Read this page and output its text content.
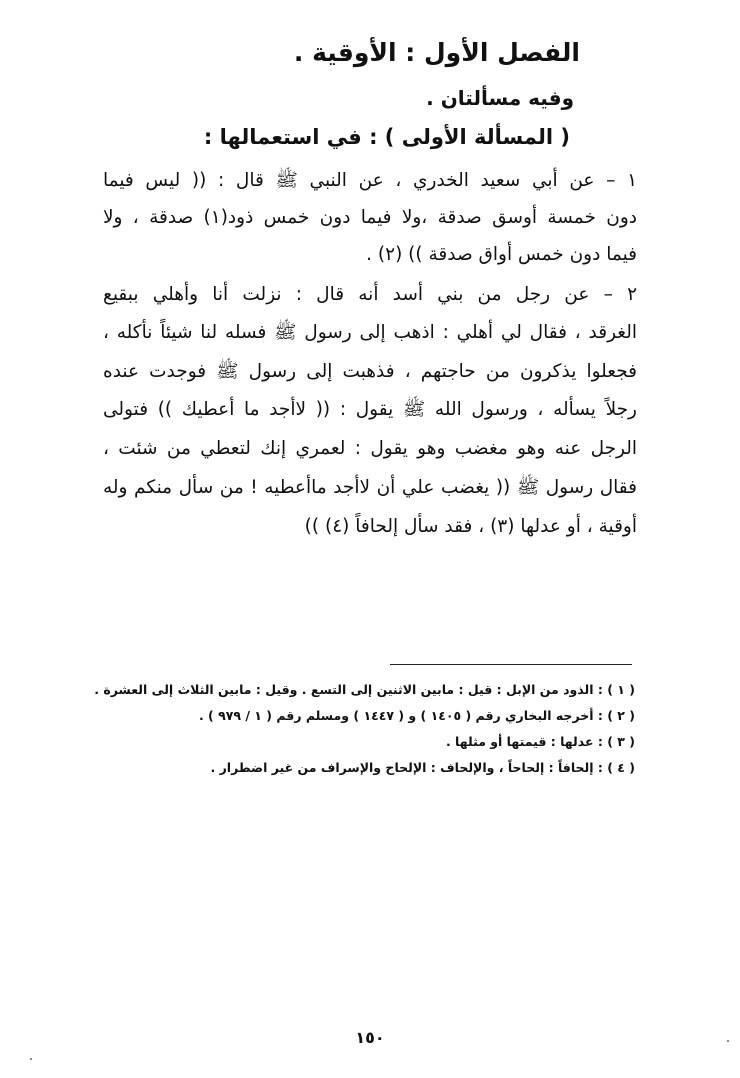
الفصل الأول : الأوقية .

وفيه مسألتان .

( المسألة الأولى ) : في استعمالها :

١ – عن أبي سعيد الخدري ، عن النبي ﷺ قال : (( ليس فيما

دون خمسة أوسق صدقة ،ولا فيما دون خمس ذود(١) صدقة ، ولا

فيما دون خمس أواق صدقة )) (٢) .

٢ – عن رجل من بني أسد أنه قال : نزلت أنا وأهلي ببقيع

الغرقد ، فقال لي أهلي : اذهب إلى رسول ﷺ فسله لنا شيئاً نأكله ،

فجعلوا يذكرون من حاجتهم ، فذهبت إلى رسول ﷺ فوجدت عنده

رجلاً يسأله ، ورسول الله ﷺ يقول : (( لاأجد ما أعطيك )) فتولى

الرجل عنه وهو مغضب وهو يقول : لعمري إنك لتعطي من شئت ،

فقال رسول ﷺ (( يغضب علي أن لاأجد ماأعطيه ! من سأل منكم وله

أوقية ، أو عدلها (٣) ، فقد سأل إلحافاً (٤) ))

( ١ ) : الذود من الإبل : قيل : مابين الاثنين إلى التسع . وقيل : مابين الثلاث إلى العشرة .

( ٢ ) : أخرجه البخاري رقم ( ١٤٠٥ ) و ( ١٤٤٧ ) ومسلم رقم ( ١ / ٩٧٩ ) .

( ٣ ) : عدلها : قيمتها أو مثلها .

( ٤ ) : إلحافاً : إلحاحاً ، والإلحاف : الإلحاح والإسراف من غير اضطرار .

١٥٠
